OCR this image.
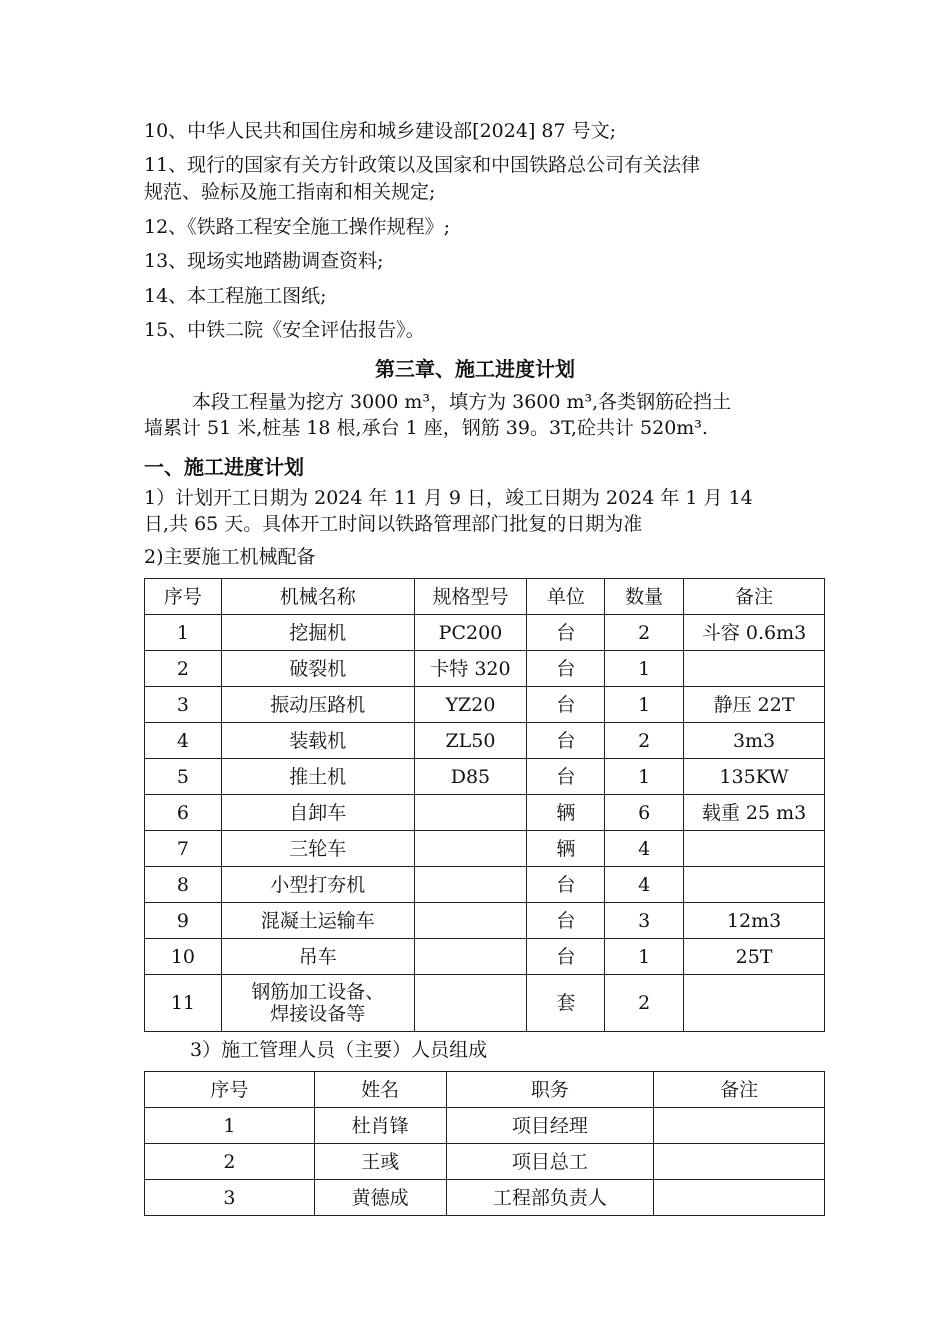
10、中华人民共和国住房和城乡建设部[2024] 87 号文;
11、现行的国家有关方针政策以及国家和中国铁路总公司有关法律
规范、验标及施工指南和相关规定;
12、《铁路工程安全施工操作规程》;
13、现场实地踏勘调查资料;
14、本工程施工图纸;
15、中铁二院《安全评估报告》。
第三章、施工进度计划
本段工程量为挖方 3000 m³，填方为 3600 m³,各类钢筋砼挡土
墙累计 51 米,桩基 18 根,承台 1 座，钢筋 39。3T,砼共计 520m³.
一、施工进度计划
1）计划开工日期为 2024 年 11 月 9 日，竣工日期为 2024 年 1 月 14
日,共 65 天。具体开工时间以铁路管理部门批复的日期为准
2)主要施工机械配备
序号	机械名称	规格型号	单位	数量	备注
1	挖掘机	PC200	台	2	斗容 0.6m3
2	破裂机	卡特 320	台	1	
3	振动压路机	YZ20	台	1	静压 22T
4	装载机	ZL50	台	2	3m3
5	推土机	D85	台	1	135KW
6	自卸车		辆	6	载重 25 m3
7	三轮车		辆	4	
8	小型打夯机		台	4	
9	混凝土运输车		台	3	12m3
10	吊车		台	1	25T
11	钢筋加工设备、
焊接设备等		套	2	
3）施工管理人员（主要）人员组成
序号	姓名	职务	备注
1	杜肖锋	项目经理	
2	王彧	项目总工	
3	黄德成	工程部负责人	
